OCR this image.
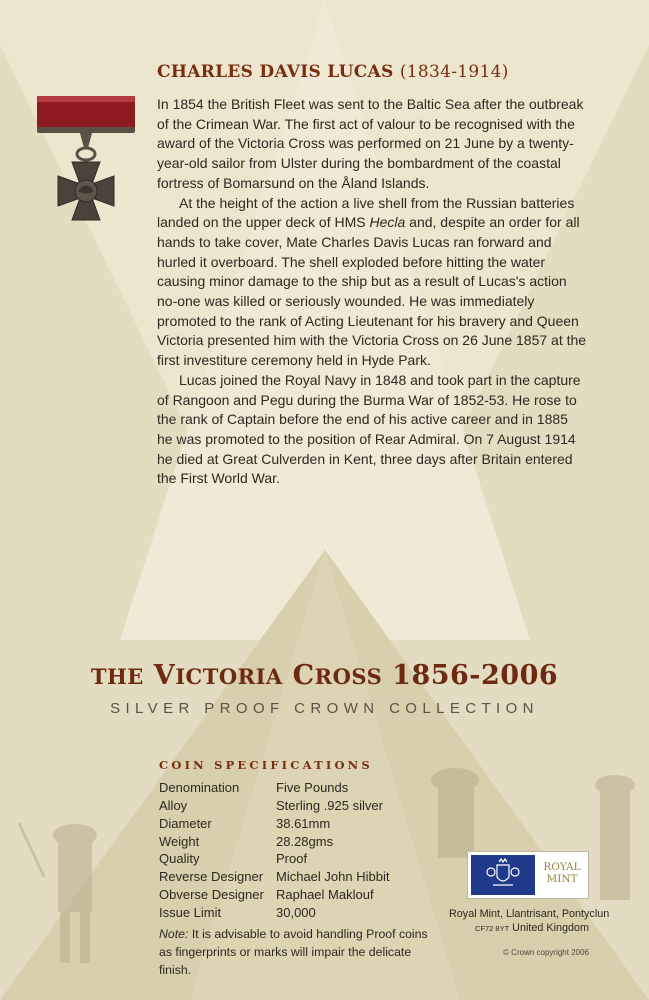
CHARLES DAVIS LUCAS (1834-1914)

In 1854 the British Fleet was sent to the Baltic Sea after the outbreak of the Crimean War. The first act of valour to be recognised with the award of the Victoria Cross was performed on 21 June by a twenty-year-old sailor from Ulster during the bombardment of the coastal fortress of Bomarsund on the Åland Islands.

At the height of the action a live shell from the Russian batteries landed on the upper deck of HMS Hecla and, despite an order for all hands to take cover, Mate Charles Davis Lucas ran forward and hurled it overboard. The shell exploded before hitting the water causing minor damage to the ship but as a result of Lucas's action no-one was killed or seriously wounded. He was immediately promoted to the rank of Acting Lieutenant for his bravery and Queen Victoria presented him with the Victoria Cross on 26 June 1857 at the first investiture ceremony held in Hyde Park.

Lucas joined the Royal Navy in 1848 and took part in the capture of Rangoon and Pegu during the Burma War of 1852-53. He rose to the rank of Captain before the end of his active career and in 1885 he was promoted to the position of Rear Admiral. On 7 August 1914 he died at Great Culverden in Kent, three days after Britain entered the First World War.

THE VICTORIA CROSS 1856-2006
SILVER PROOF CROWN COLLECTION
COIN SPECIFICATIONS
Denomination	Five Pounds
Alloy	Sterling .925 silver
Diameter	38.61mm
Weight	28.28gms
Quality	Proof
Reverse Designer Michael John Hibbit
Obverse Designer Raphael Maklouf
Issue Limit	30,000
Note: It is advisable to avoid handling Proof coins as fingerprints or marks will impair the delicate finish.
ROYAL
MINT
Royal Mint, Llantrisant, Pontyclun
CF72 8YT United Kingdom
© Crown copyright 2006
